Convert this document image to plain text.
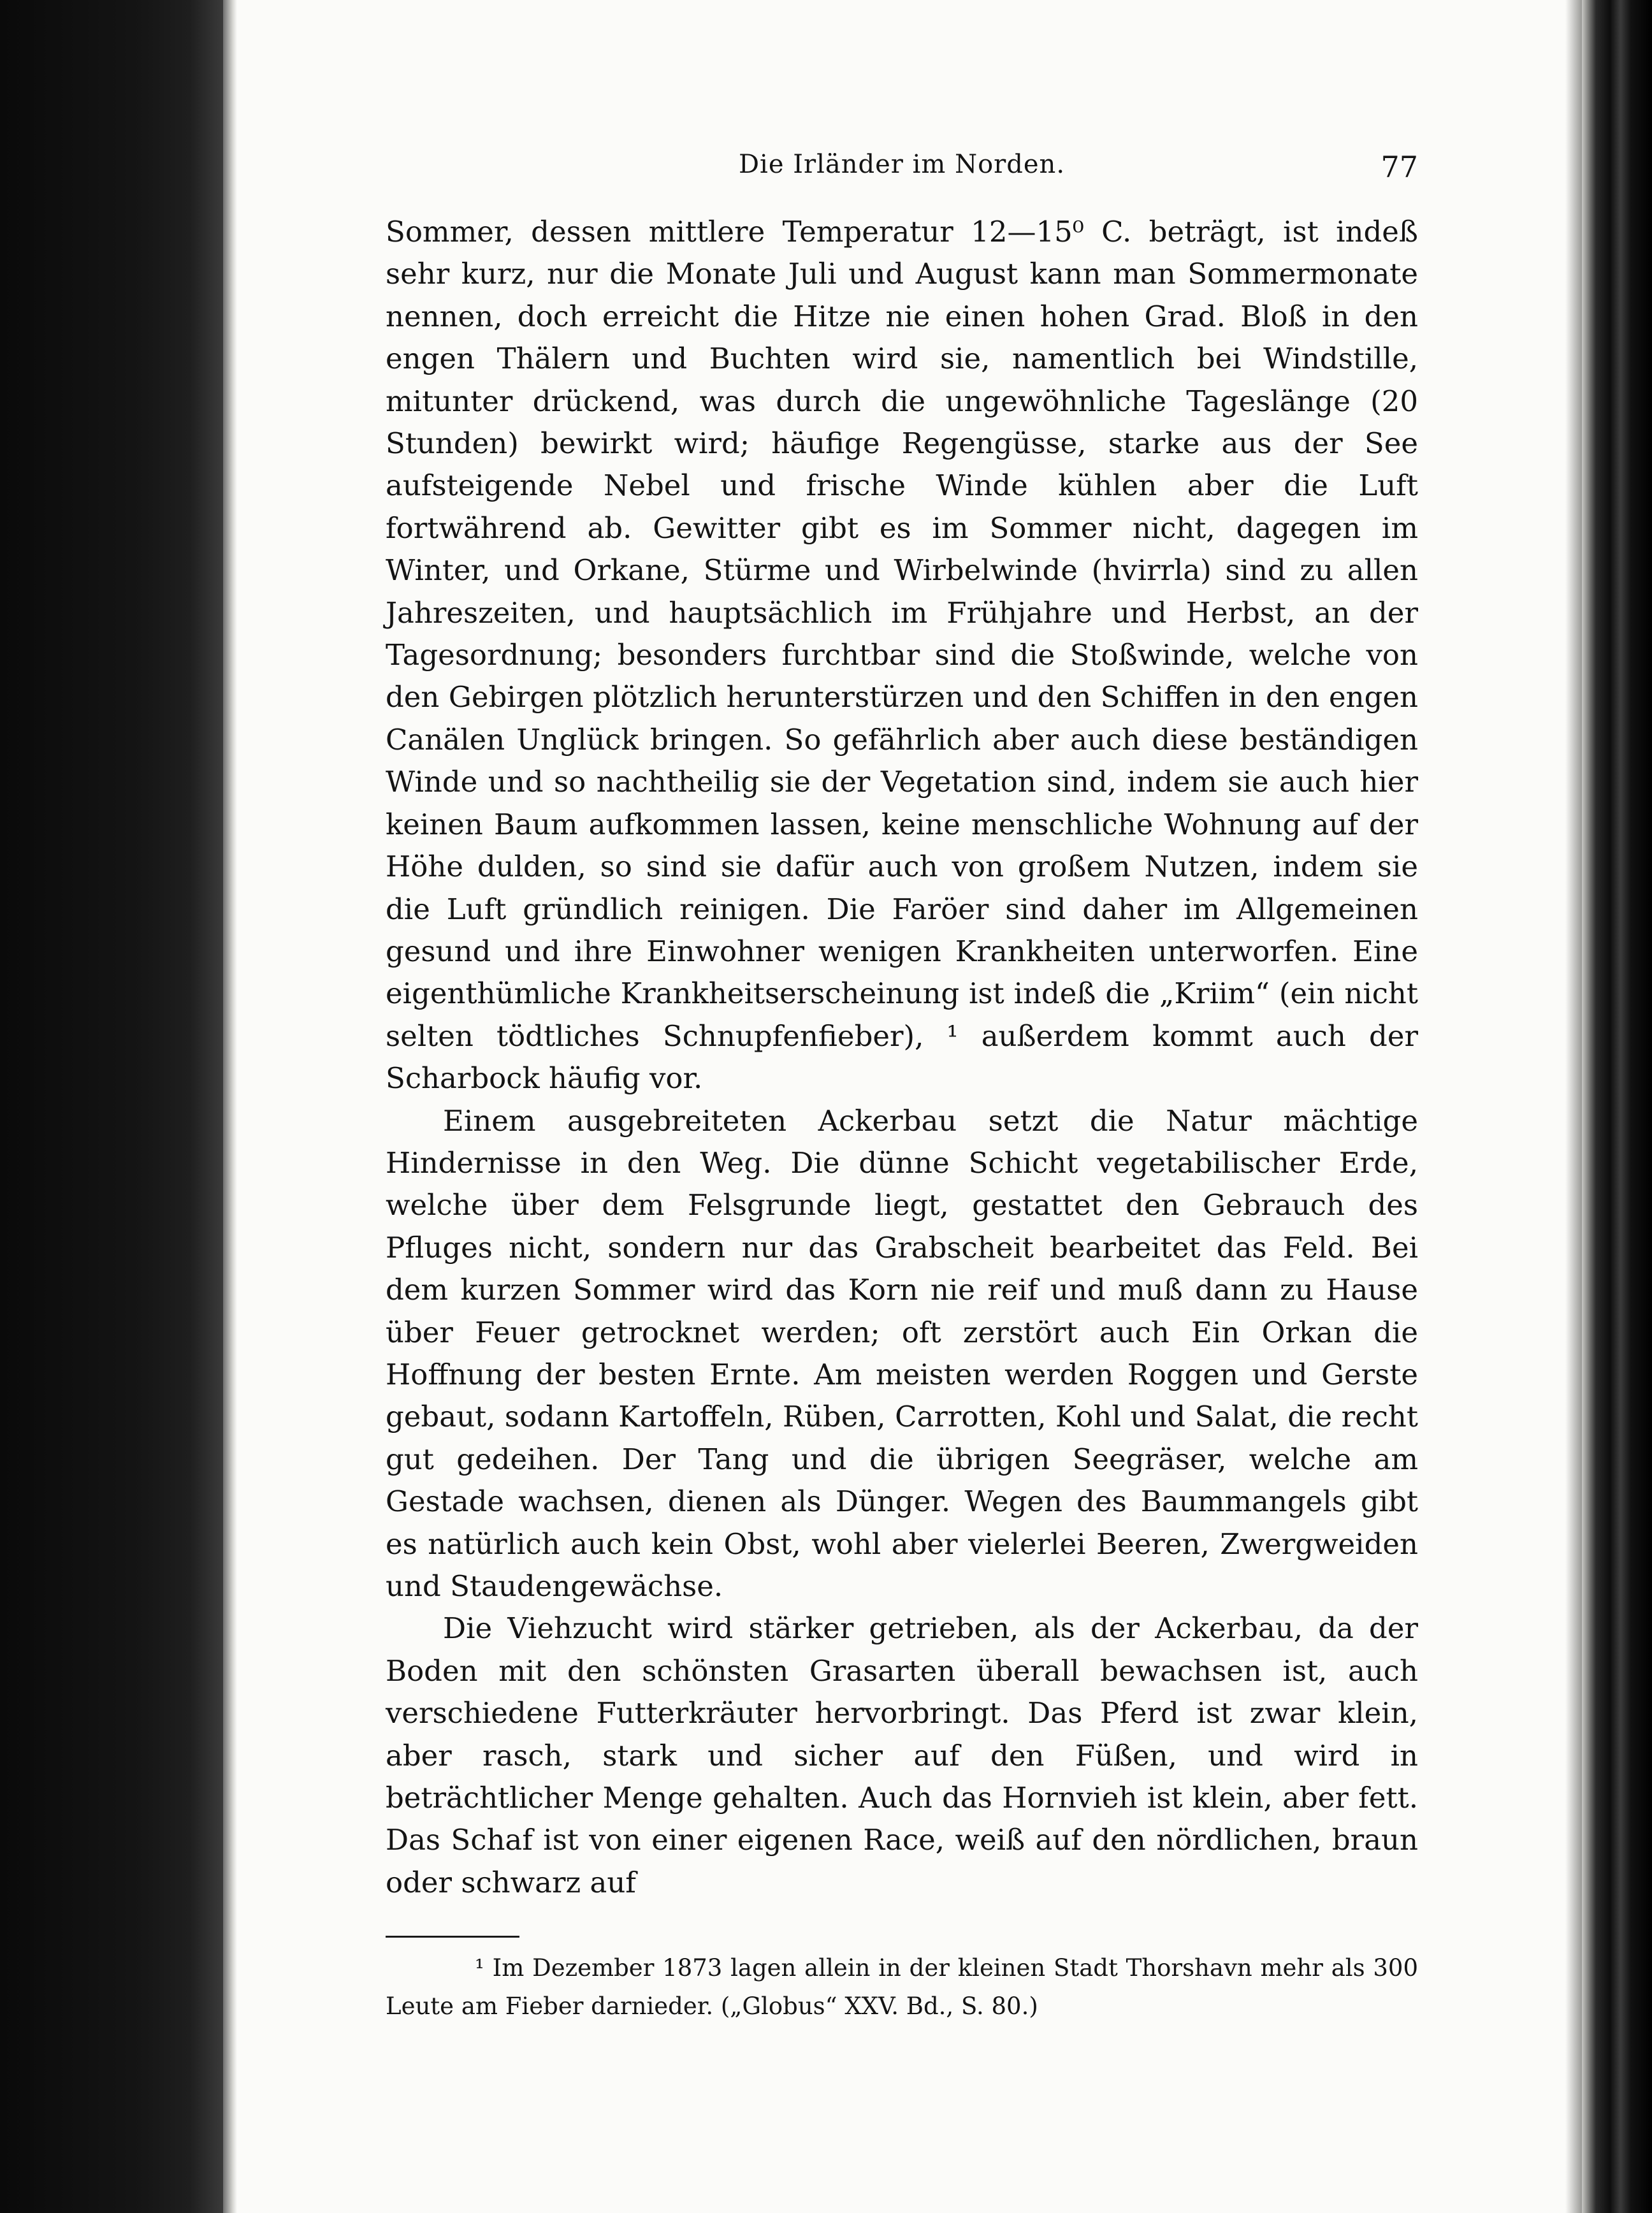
Die Irländer im Norden.	77

Sommer, dessen mittlere Temperatur 12—15⁰ C. beträgt, ist indeß sehr kurz, nur die Monate Juli und August kann man Sommermonate nennen, doch erreicht die Hitze nie einen hohen Grad. Bloß in den engen Thälern und Buchten wird sie, namentlich bei Windstille, mitunter drückend, was durch die ungewöhnliche Tageslänge (20 Stunden) bewirkt wird; häufige Regengüsse, starke aus der See aufsteigende Nebel und frische Winde kühlen aber die Luft fortwährend ab. Gewitter gibt es im Sommer nicht, dagegen im Winter, und Orkane, Stürme und Wirbelwinde (hvirrla) sind zu allen Jahreszeiten, und hauptsächlich im Frühjahre und Herbst, an der Tagesordnung; besonders furchtbar sind die Stoßwinde, welche von den Gebirgen plötzlich herunterstürzen und den Schiffen in den engen Canälen Unglück bringen. So gefährlich aber auch diese beständigen Winde und so nachtheilig sie der Vegetation sind, indem sie auch hier keinen Baum aufkommen lassen, keine menschliche Wohnung auf der Höhe dulden, so sind sie dafür auch von großem Nutzen, indem sie die Luft gründlich reinigen. Die Faröer sind daher im Allgemeinen gesund und ihre Einwohner wenigen Krankheiten unterworfen. Eine eigenthümliche Krankheitserscheinung ist indeß die „Kriim“ (ein nicht selten tödtliches Schnupfenfieber), ¹ außerdem kommt auch der Scharbock häufig vor.

Einem ausgebreiteten Ackerbau setzt die Natur mächtige Hindernisse in den Weg. Die dünne Schicht vegetabilischer Erde, welche über dem Felsgrunde liegt, gestattet den Gebrauch des Pfluges nicht, sondern nur das Grabscheit bearbeitet das Feld. Bei dem kurzen Sommer wird das Korn nie reif und muß dann zu Hause über Feuer getrocknet werden; oft zerstört auch Ein Orkan die Hoffnung der besten Ernte. Am meisten werden Roggen und Gerste gebaut, sodann Kartoffeln, Rüben, Carrotten, Kohl und Salat, die recht gut gedeihen. Der Tang und die übrigen Seegräser, welche am Gestade wachsen, dienen als Dünger. Wegen des Baummangels gibt es natürlich auch kein Obst, wohl aber vielerlei Beeren, Zwergweiden und Staudengewächse.

Die Viehzucht wird stärker getrieben, als der Ackerbau, da der Boden mit den schönsten Grasarten überall bewachsen ist, auch verschiedene Futterkräuter hervorbringt. Das Pferd ist zwar klein, aber rasch, stark und sicher auf den Füßen, und wird in beträchtlicher Menge gehalten. Auch das Hornvieh ist klein, aber fett. Das Schaf ist von einer eigenen Race, weiß auf den nördlichen, braun oder schwarz auf

¹ Im Dezember 1873 lagen allein in der kleinen Stadt Thorshavn mehr als 300 Leute am Fieber darnieder. („Globus“ XXV. Bd., S. 80.)
